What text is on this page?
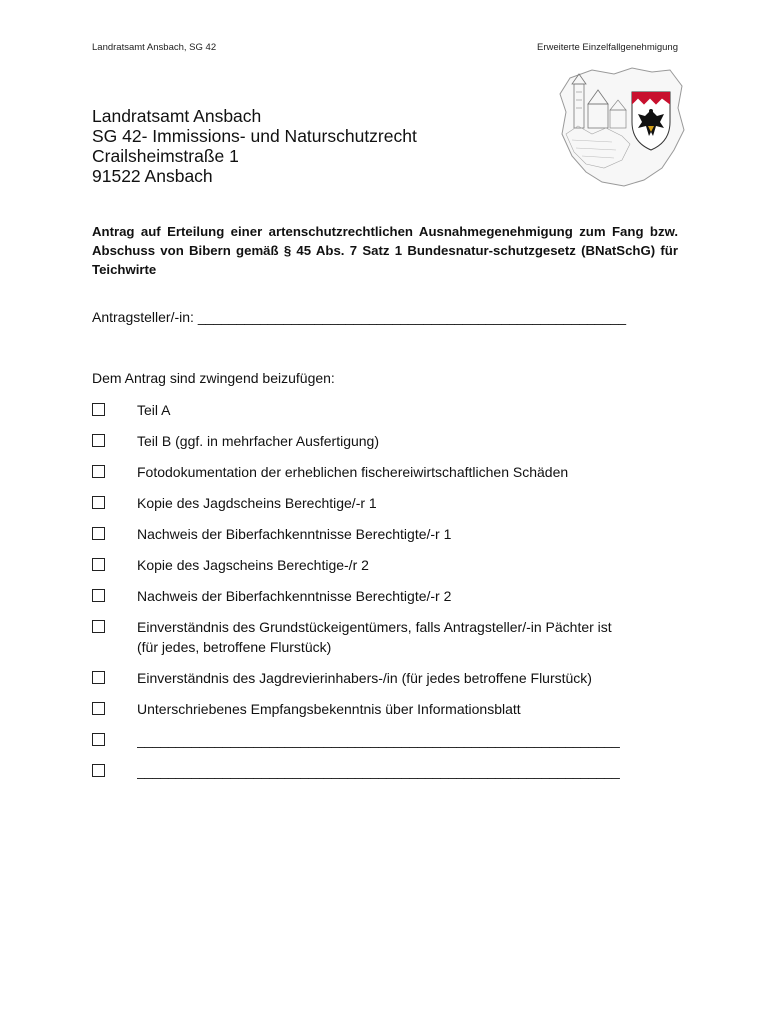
Landratsamt Ansbach, SG 42	Erweiterte Einzelfallgenehmigung
Landratsamt Ansbach
SG 42- Immissions- und Naturschutzrecht
Crailsheimstraße 1
91522 Ansbach
Antrag auf Erteilung einer artenschutzrechtlichen Ausnahmegenehmigung zum Fang bzw. Abschuss von Bibern gemäß § 45 Abs. 7 Satz 1 Bundesnatur-schutzgesetz (BNatSchG) für Teichwirte
Antragsteller/-in: _______________________________________________________
Dem Antrag sind zwingend beizufügen:
Teil A
Teil B (ggf. in mehrfacher Ausfertigung)
Fotodokumentation der erheblichen fischereiwirtschaftlichen Schäden
Kopie des Jagdscheins Berechtige/-r 1
Nachweis der Biberfachkenntnisse Berechtigte/-r 1
Kopie des Jagscheins Berechtige-/r 2
Nachweis der Biberfachkenntnisse Berechtigte/-r 2
Einverständnis des Grundstückeigentümers, falls Antragsteller/-in Pächter ist
(für jedes, betroffene Flurstück)
Einverständnis des Jagdrevierinhabers-/in (für jedes betroffene Flurstück)
Unterschriebenes Empfangsbekenntnis über Informationsblatt
______________________________________________________________
______________________________________________________________
